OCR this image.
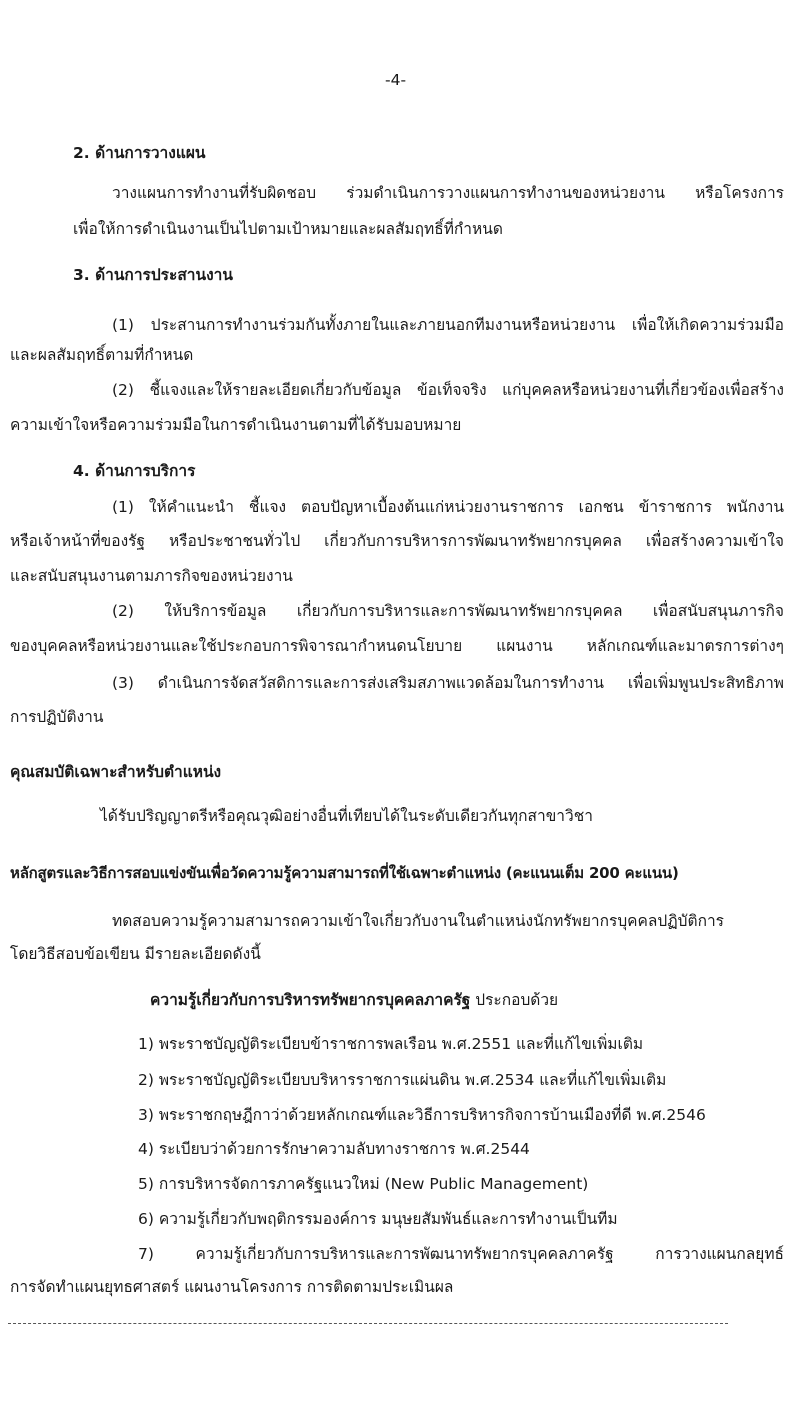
-4-
2. ด้านการวางแผน
วางแผนการทำงานที่รับผิดชอบ ร่วมดำเนินการวางแผนการทำงานของหน่วยงาน หรือโครงการ
เพื่อให้การดำเนินงานเป็นไปตามเป้าหมายและผลสัมฤทธิ์ที่กำหนด
3. ด้านการประสานงาน
(1) ประสานการทำงานร่วมกันทั้งภายในและภายนอกทีมงานหรือหน่วยงาน เพื่อให้เกิดความร่วมมือ
และผลสัมฤทธิ์ตามที่กำหนด
(2) ชี้แจงและให้รายละเอียดเกี่ยวกับข้อมูล ข้อเท็จจริง แก่บุคคลหรือหน่วยงานที่เกี่ยวข้องเพื่อสร้าง
ความเข้าใจหรือความร่วมมือในการดำเนินงานตามที่ได้รับมอบหมาย
4. ด้านการบริการ
(1) ให้คำแนะนำ ชี้แจง ตอบปัญหาเบื้องต้นแก่หน่วยงานราชการ เอกชน ข้าราชการ พนักงาน
หรือเจ้าหน้าที่ของรัฐ หรือประชาชนทั่วไป เกี่ยวกับการบริหารการพัฒนาทรัพยากรบุคคล เพื่อสร้างความเข้าใจ
และสนับสนุนงานตามภารกิจของหน่วยงาน
(2) ให้บริการข้อมูล เกี่ยวกับการบริหารและการพัฒนาทรัพยากรบุคคล เพื่อสนับสนุนภารกิจ
ของบุคคลหรือหน่วยงานและใช้ประกอบการพิจารณากำหนดนโยบาย แผนงาน หลักเกณฑ์และมาตรการต่างๆ
(3) ดำเนินการจัดสวัสดิการและการส่งเสริมสภาพแวดล้อมในการทำงาน เพื่อเพิ่มพูนประสิทธิภาพ
การปฏิบัติงาน
คุณสมบัติเฉพาะสำหรับตำแหน่ง
ได้รับปริญญาตรีหรือคุณวุฒิอย่างอื่นที่เทียบได้ในระดับเดียวกันทุกสาขาวิชา
หลักสูตรและวิธีการสอบแข่งขันเพื่อวัดความรู้ความสามารถที่ใช้เฉพาะตำแหน่ง (คะแนนเต็ม 200 คะแนน)
ทดสอบความรู้ความสามารถความเข้าใจเกี่ยวกับงานในตำแหน่งนักทรัพยากรบุคคลปฏิบัติการ
โดยวิธีสอบข้อเขียน มีรายละเอียดดังนี้
ความรู้เกี่ยวกับการบริหารทรัพยากรบุคคลภาครัฐ ประกอบด้วย
1) พระราชบัญญัติระเบียบข้าราชการพลเรือน พ.ศ.2551 และที่แก้ไขเพิ่มเติม
2) พระราชบัญญัติระเบียบบริหารราชการแผ่นดิน พ.ศ.2534 และที่แก้ไขเพิ่มเติม
3) พระราชกฤษฎีกาว่าด้วยหลักเกณฑ์และวิธีการบริหารกิจการบ้านเมืองที่ดี พ.ศ.2546
4) ระเบียบว่าด้วยการรักษาความลับทางราชการ พ.ศ.2544
5) การบริหารจัดการภาครัฐแนวใหม่ (New Public Management)
6) ความรู้เกี่ยวกับพฤติกรรมองค์การ มนุษยสัมพันธ์และการทำงานเป็นทีม
7) ความรู้เกี่ยวกับการบริหารและการพัฒนาทรัพยากรบุคคลภาครัฐ การวางแผนกลยุทธ์
การจัดทำแผนยุทธศาสตร์ แผนงานโครงการ การติดตามประเมินผล
